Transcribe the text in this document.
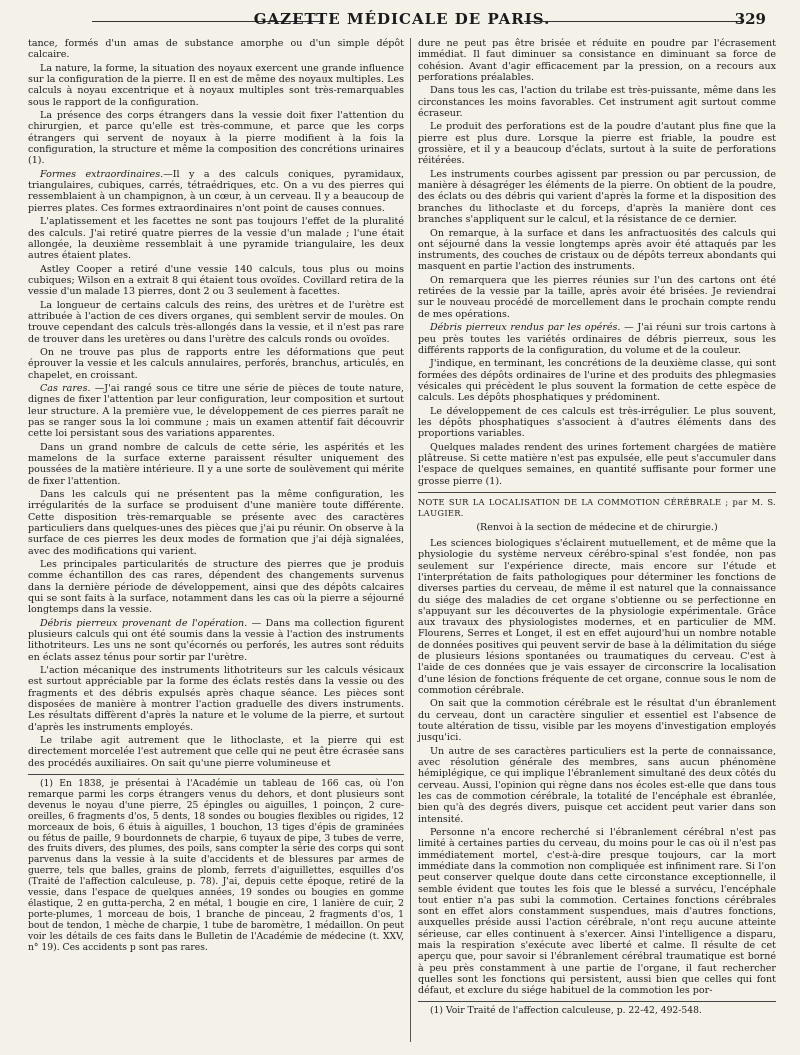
GAZETTE MÉDICALE DE PARIS.	329

tance, formés d'un amas de substance amorphe ou d'un simple dépôt calcaire.

La nature, la forme, la situation des noyaux exercent une grande influence sur la configuration de la pierre. Il en est de même des noyaux multiples. Les calculs à noyau excentrique et à noyaux multiples sont très-remarquables sous le rapport de la configuration.

La présence des corps étrangers dans la vessie doit fixer l'attention du chirurgien, et parce qu'elle est très-commune, et parce que les corps étrangers qui servent de noyaux à la pierre modifient à la fois la configuration, la structure et même la composition des concrétions urinaires (1).

Formes extraordinaires.—Il y a des calculs coniques, pyramidaux, triangulaires, cubiques, carrés, tétraédriques, etc. On a vu des pierres qui ressemblaient à un champignon, à un cœur, à un cerveau. Il y a beaucoup de pierres plates. Ces formes extraordinaires n'ont point de causes connues.

L'aplatissement et les facettes ne sont pas toujours l'effet de la pluralité des calculs. J'ai retiré quatre pierres de la vessie d'un malade ; l'une était allongée, la deuxième ressemblait à une pyramide triangulaire, les deux autres étaient plates.

Astley Cooper a retiré d'une vessie 140 calculs, tous plus ou moins cubiques; Wilson en a extrait 8 qui étaient tous ovoïdes. Covillard retira de la vessie d'un malade 13 pierres, dont 2 ou 3 seulement à facettes.

La longueur de certains calculs des reins, des urètres et de l'urètre est attribuée à l'action de ces divers organes, qui semblent servir de moules. On trouve cependant des calculs très-allongés dans la vessie, et il n'est pas rare de trouver dans les uretères ou dans l'urètre des calculs ronds ou ovoïdes.

On ne trouve pas plus de rapports entre les déformations que peut éprouver la vessie et les calculs annulaires, perforés, branchus, articulés, en chapelet, en croissant.

Cas rares. —J'ai rangé sous ce titre une série de pièces de toute nature, dignes de fixer l'attention par leur configuration, leur composition et surtout leur structure. A la première vue, le développement de ces pierres paraît ne pas se ranger sous la loi commune ; mais un examen attentif fait découvrir cette loi persistant sous des variations apparentes.

Dans un grand nombre de calculs de cette série, les aspérités et les mamelons de la surface externe paraissent résulter uniquement des poussées de la matière intérieure. Il y a une sorte de soulèvement qui mérite de fixer l'attention.

Dans les calculs qui ne présentent pas la même configuration, les irrégularités de la surface se produisent d'une manière toute différente. Cette disposition très-remarquable se présente avec des caractères particuliers dans quelques-unes des pièces que j'ai pu réunir. On observe à la surface de ces pierres les deux modes de formation que j'ai déjà signalées, avec des modifications qui varient.

Les principales particularités de structure des pierres que je produis comme échantillon des cas rares, dépendent des changements survenus dans la dernière période de développement, ainsi que des dépôts calcaires qui se sont faits à la surface, notamment dans les cas où la pierre a séjourné longtemps dans la vessie.

Débris pierreux provenant de l'opération. — Dans ma collection figurent plusieurs calculs qui ont été soumis dans la vessie à l'action des instruments lithotriteurs. Les uns ne sont qu'écornés ou perforés, les autres sont réduits en éclats assez ténus pour sortir par l'urètre.

L'action mécanique des instruments lithotriteurs sur les calculs vésicaux est surtout appréciable par la forme des éclats restés dans la vessie ou des fragments et des débris expulsés après chaque séance. Les pièces sont disposées de manière à montrer l'action graduelle des divers instruments. Les résultats diffèrent d'après la nature et le volume de la pierre, et surtout d'après les instruments employés.

Le trilabe agit autrement que le lithoclaste, et la pierre qui est directement morcelée l'est autrement que celle qui ne peut être écrasée sans des procédés auxiliaires. On sait qu'une pierre volumineuse et

(1) En 1838, je présentai à l'Académie un tableau de 166 cas, où l'on remarque parmi les corps étrangers venus du dehors, et dont plusieurs sont devenus le noyau d'une pierre, 25 épingles ou aiguilles, 1 poinçon, 2 cure-oreilles, 6 fragments d'os, 5 dents, 18 sondes ou bougies flexibles ou rigides, 12 morceaux de bois, 6 étuis à aiguilles, 1 bouchon, 13 tiges d'épis de graminées ou fétus de paille, 9 bourdonnets de charpie, 6 tuyaux de pipe, 3 tubes de verre, des fruits divers, des plumes, des poils, sans compter la série des corps qui sont parvenus dans la vessie à la suite d'accidents et de blessures par armes de guerre, tels que balles, grains de plomb, ferrets d'aiguillettes, esquilles d'os (Traité de l'affection calculeuse, p. 78). J'ai, depuis cette époque, retiré de la vessie, dans l'espace de quelques années, 19 sondes ou bougies en gomme élastique, 2 en gutta-percha, 2 en métal, 1 bougie en cire, 1 lanière de cuir, 2 porte-plumes, 1 morceau de bois, 1 branche de pinceau, 2 fragments d'os, 1 bout de tendon, 1 mèche de charpie, 1 tube de baromètre, 1 médaillon. On peut voir les détails de ces faits dans le Bulletin de l'Académie de médecine (t. XXV, n° 19). Ces accidents p sont pas rares.

dure ne peut pas être brisée et réduite en poudre par l'écrasement immédiat. Il faut diminuer sa consistance en diminuant sa force de cohésion. Avant d'agir efficacement par la pression, on a recours aux perforations préalables.

Dans tous les cas, l'action du trilabe est très-puissante, même dans les circonstances les moins favorables. Cet instrument agit surtout comme écraseur.

Le produit des perforations est de la poudre d'autant plus fine que la pierre est plus dure. Lorsque la pierre est friable, la poudre est grossière, et il y a beaucoup d'éclats, surtout à la suite de perforations réitérées.

Les instruments courbes agissent par pression ou par percussion, de manière à désagréger les éléments de la pierre. On obtient de la poudre, des éclats ou des débris qui varient d'après la forme et la disposition des branches du lithoclaste et du forceps, d'après la manière dont ces branches s'appliquent sur le calcul, et la résistance de ce dernier.

On remarque, à la surface et dans les anfractuosités des calculs qui ont séjourné dans la vessie longtemps après avoir été attaqués par les instruments, des couches de cristaux ou de dépôts terreux abondants qui masquent en partie l'action des instruments.

On remarquera que les pierres réunies sur l'un des cartons ont été retirées de la vessie par la taille, après avoir été brisées. Je reviendrai sur le nouveau procédé de morcellement dans le prochain compte rendu de mes opérations.

Débris pierreux rendus par les opérés. — J'ai réuni sur trois cartons à peu près toutes les variétés ordinaires de débris pierreux, sous les différents rapports de la configuration, du volume et de la couleur.

J'indique, en terminant, les concrétions de la deuxième classe, qui sont formées des dépôts ordinaires de l'urine et des produits des phlegmasies vésicales qui précèdent le plus souvent la formation de cette espèce de calculs. Les dépôts phosphatiques y prédominent.

Le développement de ces calculs est très-irrégulier. Le plus souvent, les dépôts phosphatiques s'associent à d'autres éléments dans des proportions variables.

Quelques malades rendent des urines fortement chargées de matière plâtreuse. Si cette matière n'est pas expulsée, elle peut s'accumuler dans l'espace de quelques semaines, en quantité suffisante pour former une grosse pierre (1).

NOTE SUR LA LOCALISATION DE LA COMMOTION CÉRÉBRALE ; par M. S. LAUGIER.

(Renvoi à la section de médecine et de chirurgie.)

Les sciences biologiques s'éclairent mutuellement, et de même que la physiologie du système nerveux cérébro-spinal s'est fondée, non pas seulement sur l'expérience directe, mais encore sur l'étude et l'interprétation de faits pathologiques pour déterminer les fonctions de diverses parties du cerveau, de même il est naturel que la connaissance du siége des maladies de cet organe s'obtienne ou se perfectionne en s'appuyant sur les découvertes de la physiologie expérimentale. Grâce aux travaux des physiologistes modernes, et en particulier de MM. Flourens, Serres et Longet, il est en effet aujourd'hui un nombre notable de données positives qui peuvent servir de base à la délimitation du siége de plusieurs lésions spontanées ou traumatiques du cerveau. C'est à l'aide de ces données que je vais essayer de circonscrire la localisation d'une lésion de fonctions fréquente de cet organe, connue sous le nom de commotion cérébrale.

On sait que la commotion cérébrale est le résultat d'un ébranlement du cerveau, dont un caractère singulier et essentiel est l'absence de toute altération de tissu, visible par les moyens d'investigation employés jusqu'ici.

Un autre de ses caractères particuliers est la perte de connaissance, avec résolution générale des membres, sans aucun phénomène hémiplégique, ce qui implique l'ébranlement simultané des deux côtés du cerveau. Aussi, l'opinion qui règne dans nos écoles est-elle que dans tous les cas de commotion cérébrale, la totalité de l'encéphale est ébranlée, bien qu'à des degrés divers, puisque cet accident peut varier dans son intensité.

Personne n'a encore recherché si l'ébranlement cérébral n'est pas limité à certaines parties du cerveau, du moins pour le cas où il n'est pas immédiatement mortel, c'est-à-dire presque toujours, car la mort immédiate dans la commotion non compliquée est infiniment rare. Si l'on peut conserver quelque doute dans cette circonstance exceptionnelle, il semble évident que toutes les fois que le blessé a survécu, l'encéphale tout entier n'a pas subi la commotion. Certaines fonctions cérébrales sont en effet alors constamment suspendues, mais d'autres fonctions, auxquelles préside aussi l'action cérébrale, n'ont reçu aucune atteinte sérieuse, car elles continuent à s'exercer. Ainsi l'intelligence a disparu, mais la respiration s'exécute avec liberté et calme. Il résulte de cet aperçu que, pour savoir si l'ébranlement cérébral traumatique est borné à peu près constamment à une partie de l'organe, il faut rechercher quelles sont les fonctions qui persistent, aussi bien que celles qui font défaut, et exclure du siége habituel de la commotion les por-

(1) Voir Traité de l'affection calculeuse, p. 22-42, 492-548.
